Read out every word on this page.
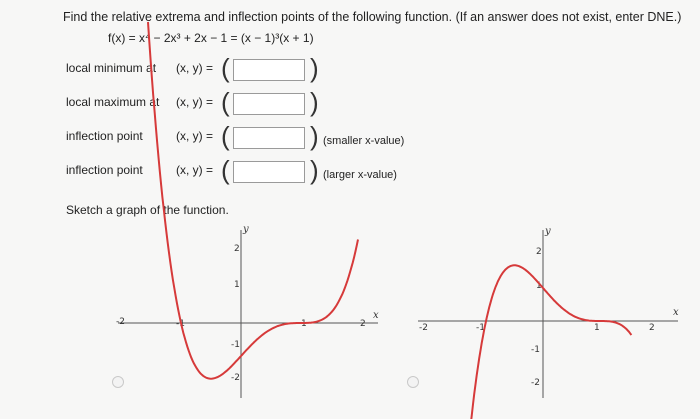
Find the relative extrema and inflection points of the following function. (If an answer does not exist, enter DNE.)
f(x) = x⁴ − 2x³ + 2x − 1 = (x − 1)³(x + 1)
local minimum at (x, y) = (	)
local maximum at (x, y) = (	)
inflection point	(x, y) = (	) (smaller x-value)
inflection point	(x, y) = (	) (larger x-value)
Sketch a graph of the function.
x
y
-2	-1	1	2
2
1
-1
-2
x
y
-2	-1	1	2
2
1
-1
-2
